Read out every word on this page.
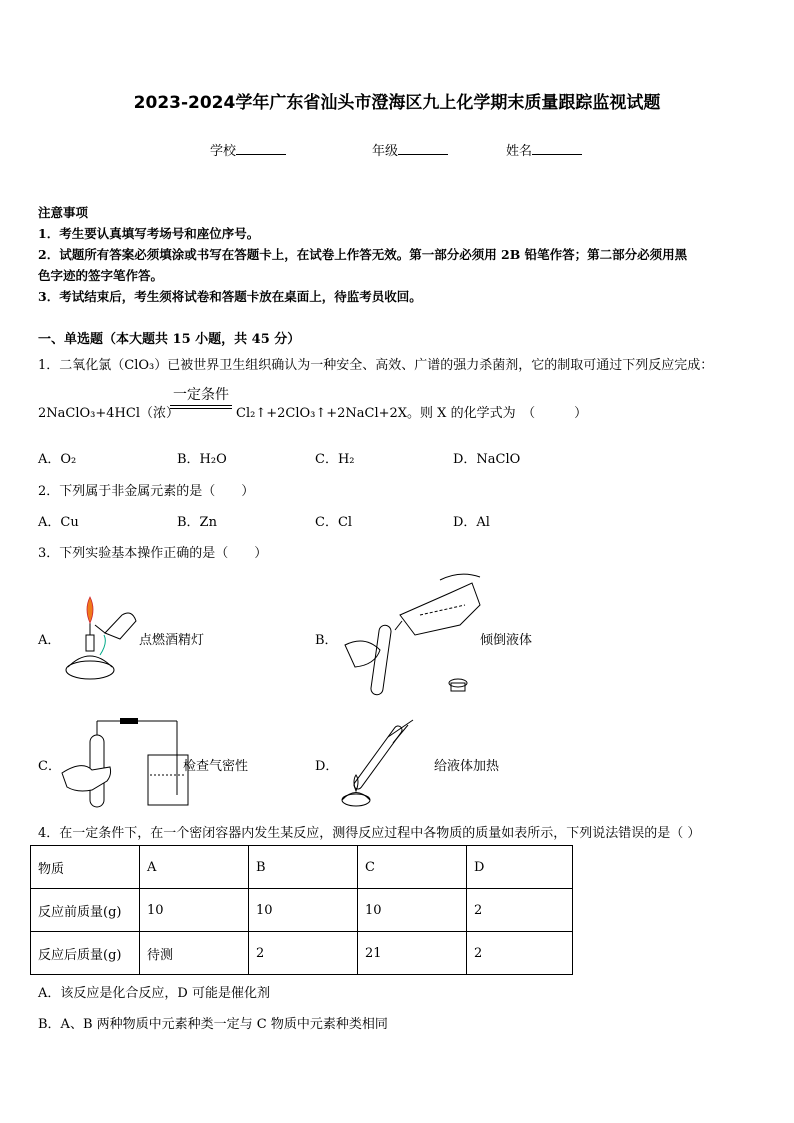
2023-2024学年广东省汕头市澄海区九上化学期末质量跟踪监视试题
学校	年级	姓名
注意事项
1．考生要认真填写考场号和座位序号。
2．试题所有答案必须填涂或书写在答题卡上，在试卷上作答无效。第一部分必须用 2B 铅笔作答；第二部分必须用黑
色字迹的签字笔作答。
3．考试结束后，考生须将试卷和答题卡放在桌面上，待监考员收回。
一、单选题（本大题共 15 小题，共 45 分）
1．二氧化氯（ClO₃）已被世界卫生组织确认为一种安全、高效、广谱的强力杀菌剂，它的制取可通过下列反应完成：
2NaClO₃+4HCl（浓）
一定条件
Cl₂↑+2ClO₃↑+2NaCl+2X。则 X 的化学式为　（　　　）
A．O₂	B．H₂O	C．H₂	D．NaClO
2．下列属于非金属元素的是（　　）
A．Cu	B．Zn	C．Cl	D．Al
3．下列实验基本操作正确的是（　　）
A．	点燃酒精灯	B．	倾倒液体
C．	检查气密性	D．	给液体加热
4．在一定条件下，在一个密闭容器内发生某反应，测得反应过程中各物质的质量如表所示，下列说法错误的是（ ）
物质	A	B	C	D
反应前质量(g)	10	10	10	2
反应后质量(g)	待测	2	21	2
A．该反应是化合反应，D 可能是催化剂
B．A、B 两种物质中元素种类一定与 C 物质中元素种类相同
